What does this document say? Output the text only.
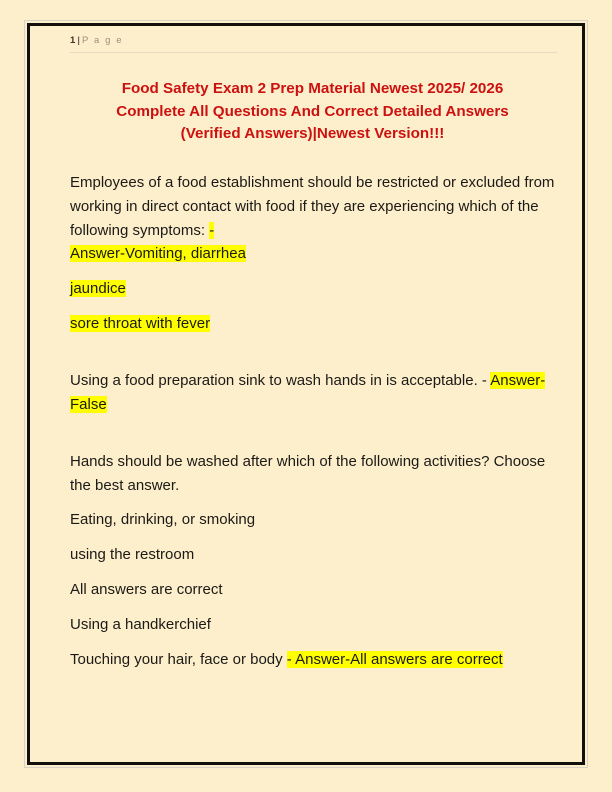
1 | P a g e
Food Safety Exam 2 Prep Material Newest 2025/ 2026
Complete All Questions And Correct Detailed Answers
(Verified Answers)|Newest Version!!!
Employees of a food establishment should be restricted or excluded from working in direct contact with food if they are experiencing which of the following symptoms: -
Answer-Vomiting, diarrhea
jaundice
sore throat with fever
Using a food preparation sink to wash hands in is acceptable. - Answer-False
Hands should be washed after which of the following activities? Choose the best answer.
Eating, drinking, or smoking
using the restroom
All answers are correct
Using a handkerchief
Touching your hair, face or body - Answer-All answers are correct
